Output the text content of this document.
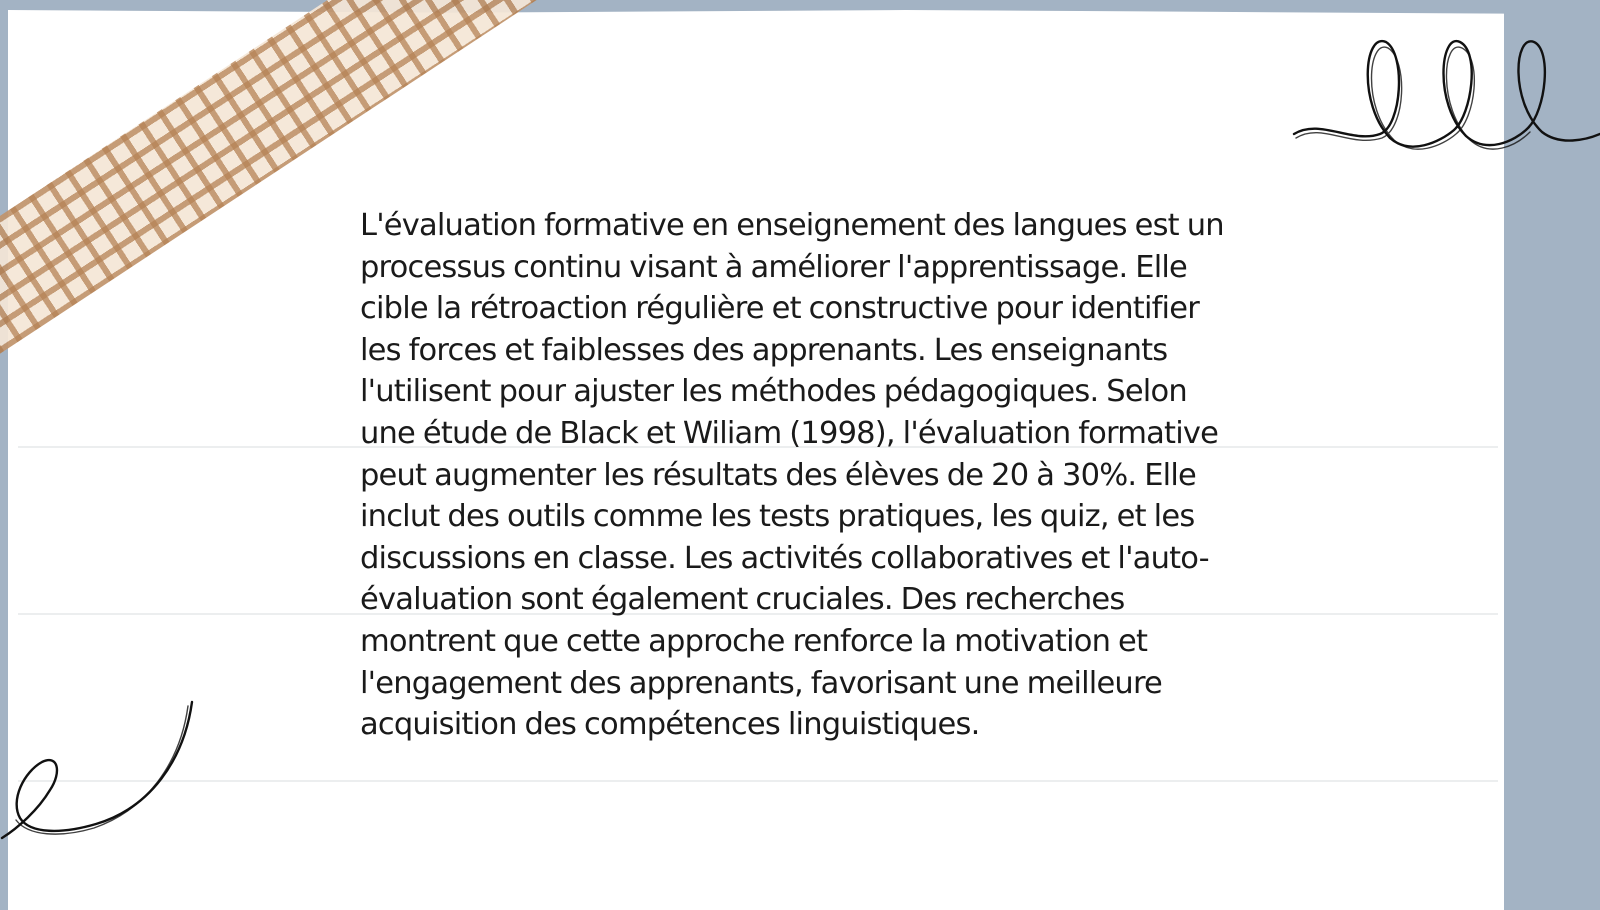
L'évaluation formative en enseignement des langues est un processus continu visant à améliorer l'apprentissage. Elle cible la rétroaction régulière et constructive pour identifier les forces et faiblesses des apprenants. Les enseignants l'utilisent pour ajuster les méthodes pédagogiques. Selon une étude de Black et Wiliam (1998), l'évaluation formative peut augmenter les résultats des élèves de 20 à 30%. Elle inclut des outils comme les tests pratiques, les quiz, et les discussions en classe. Les activités collaboratives et l'auto-évaluation sont également cruciales. Des recherches montrent que cette approche renforce la motivation et l'engagement des apprenants, favorisant une meilleure acquisition des compétences linguistiques.
